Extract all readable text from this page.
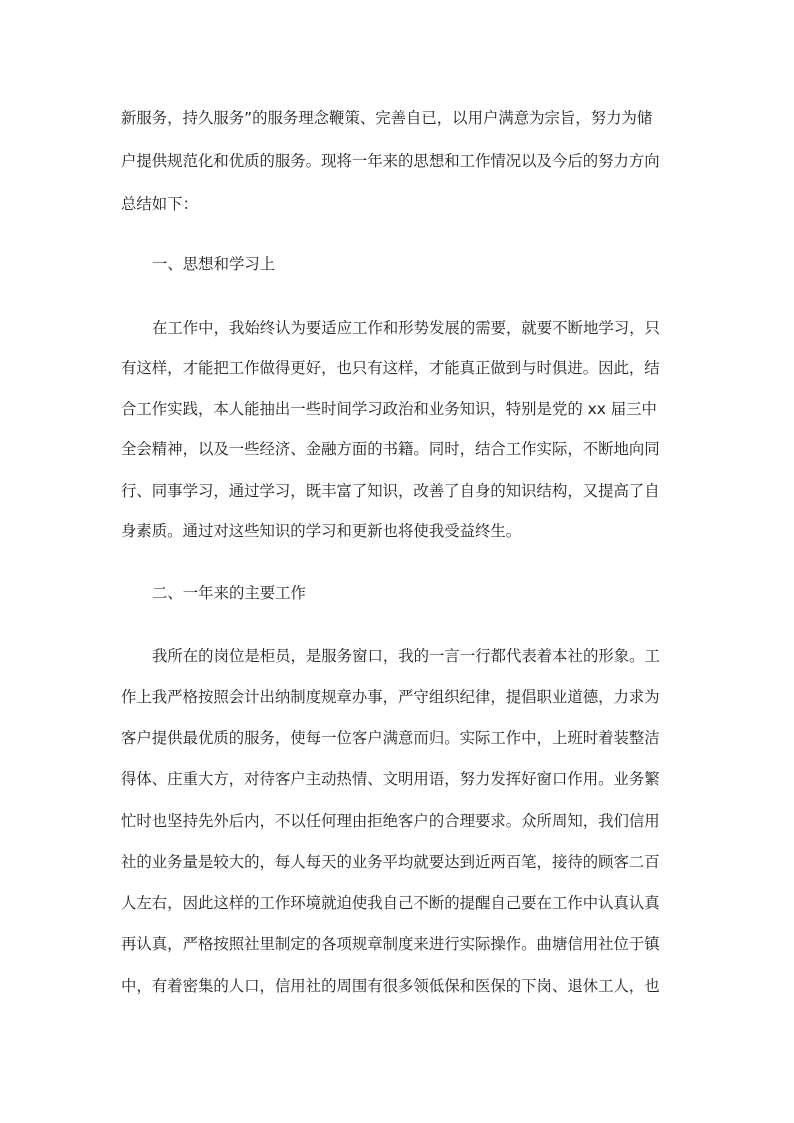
新服务，持久服务”的服务理念鞭策、完善自已，以用户满意为宗旨，努力为储
户提供规范化和优质的服务。现将一年来的思想和工作情况以及今后的努力方向
总结如下：
一、思想和学习上
在工作中，我始终认为要适应工作和形势发展的需要，就要不断地学习，只
有这样，才能把工作做得更好，也只有这样，才能真正做到与时俱进。因此，结
合工作实践，本人能抽出一些时间学习政治和业务知识，特别是党的 xx 届三中
全会精神，以及一些经济、金融方面的书籍。同时，结合工作实际，不断地向同
行、同事学习，通过学习，既丰富了知识，改善了自身的知识结构，又提高了自
身素质。通过对这些知识的学习和更新也将使我受益终生。
二、一年来的主要工作
我所在的岗位是柜员，是服务窗口，我的一言一行都代表着本社的形象。工
作上我严格按照会计出纳制度规章办事，严守组织纪律，提倡职业道德，力求为
客户提供最优质的服务，使每一位客户满意而归。实际工作中，上班时着装整洁
得体、庄重大方，对待客户主动热情、文明用语，努力发挥好窗口作用。业务繁
忙时也坚持先外后内，不以任何理由拒绝客户的合理要求。众所周知，我们信用
社的业务量是较大的，每人每天的业务平均就要达到近两百笔，接待的顾客二百
人左右，因此这样的工作环境就迫使我自己不断的提醒自己要在工作中认真认真
再认真，严格按照社里制定的各项规章制度来进行实际操作。曲塘信用社位于镇
中，有着密集的人口，信用社的周围有很多领低保和医保的下岗、退休工人，也
